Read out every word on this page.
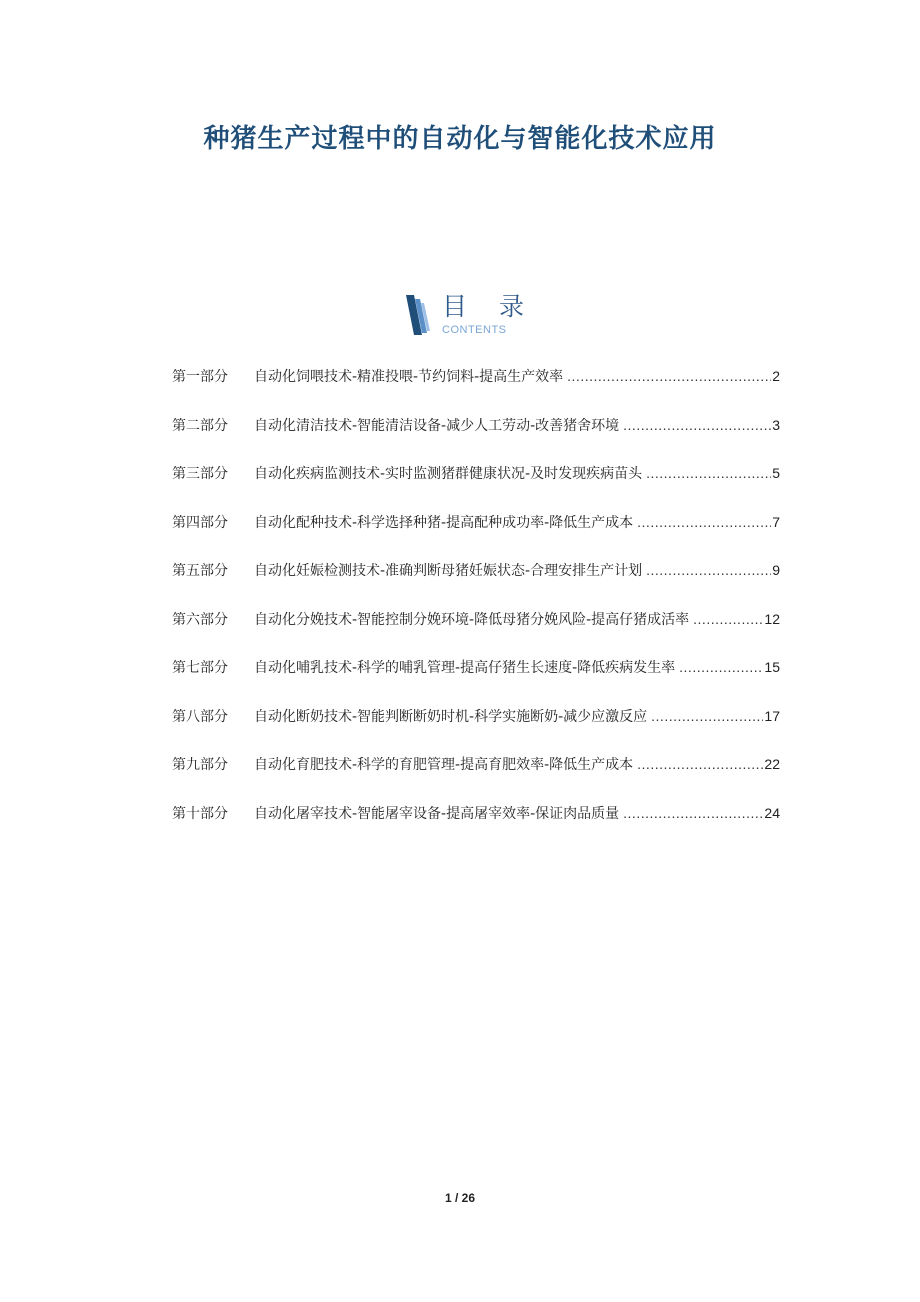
种猪生产过程中的自动化与智能化技术应用
目 录
CONTENTS
第一部分	自动化饲喂技术-精准投喂-节约饲料-提高生产效率 .....	2
第二部分	自动化清洁技术-智能清洁设备-减少人工劳动-改善猪舍环境 .....	3
第三部分	自动化疾病监测技术-实时监测猪群健康状况-及时发现疾病苗头 .....	5
第四部分	自动化配种技术-科学选择种猪-提高配种成功率-降低生产成本 .....	7
第五部分	自动化妊娠检测技术-准确判断母猪妊娠状态-合理安排生产计划 .....	9
第六部分	自动化分娩技术-智能控制分娩环境-降低母猪分娩风险-提高仔猪成活率 .....	12
第七部分	自动化哺乳技术-科学的哺乳管理-提高仔猪生长速度-降低疾病发生率 .....	15
第八部分	自动化断奶技术-智能判断断奶时机-科学实施断奶-减少应激反应 .....	17
第九部分	自动化育肥技术-科学的育肥管理-提高育肥效率-降低生产成本 .....	22
第十部分	自动化屠宰技术-智能屠宰设备-提高屠宰效率-保证肉品质量 .....	24
1 / 26
